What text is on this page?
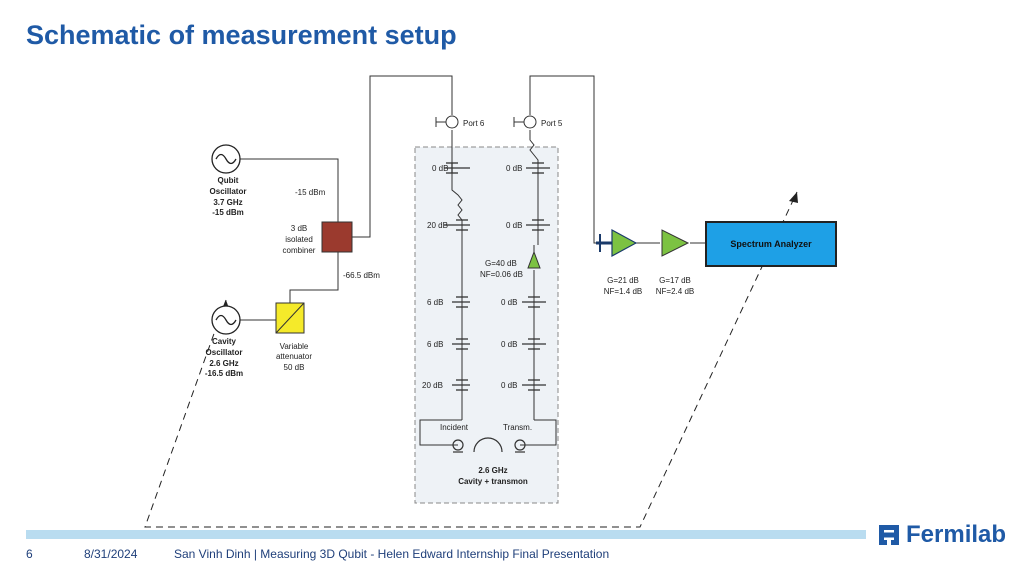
Schematic of measurement setup
Port 6	Port 5
0 dB
20 dB
6 dB
6 dB
20 dB
0 dB
0 dB
0 dB
0 dB
0 dB
G=40 dB
NF=0.06 dB
Qubit
Oscillator
3.7 GHz
-15 dBm
Cavity
Oscillator
2.6 GHz
-16.5 dBm
-15 dBm
3 dB
isolated
combiner
Variable
attenuator
50 dB
-66.5 dBm
G=21 dB
NF=1.4 dB
G=17 dB
NF=2.4 dB
Spectrum Analyzer
Incident	Transm.
2.6 GHz
Cavity + transmon
6	8/31/2024	San Vinh Dinh | Measuring 3D Qubit - Helen Edward Internship Final Presentation
Fermilab
